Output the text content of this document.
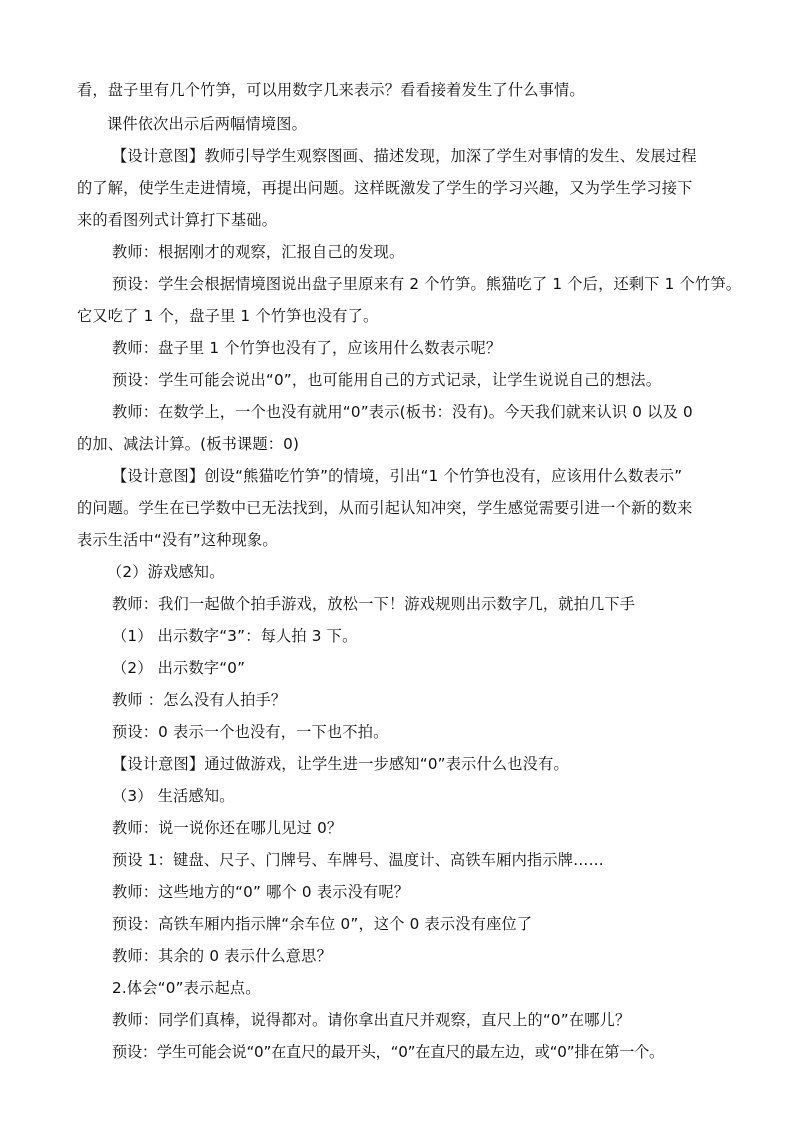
看，盘子里有几个竹笋，可以用数字几来表示？看看接着发生了什么事情。
课件依次出示后两幅情境图。
【设计意图】教师引导学生观察图画、描述发现，加深了学生对事情的发生、发展过程
的了解，使学生走进情境，再提出问题。这样既激发了学生的学习兴趣，又为学生学习接下
来的看图列式计算打下基础。
教师：根据刚才的观察，汇报自己的发现。
预设：学生会根据情境图说出盘子里原来有 2 个竹笋。熊猫吃了 1 个后，还剩下 1 个竹笋。
它又吃了 1 个，盘子里 1 个竹笋也没有了。
教师：盘子里 1 个竹笋也没有了，应该用什么数表示呢？
预设：学生可能会说出“0”，也可能用自己的方式记录，让学生说说自己的想法。
教师：在数学上，一个也没有就用“0”表示(板书：没有)。今天我们就来认识 0 以及 0
的加、减法计算。(板书课题：0)
【设计意图】创设“熊猫吃竹笋”的情境，引出“1 个竹笋也没有，应该用什么数表示”
的问题。学生在已学数中已无法找到，从而引起认知冲突，学生感觉需要引进一个新的数来
表示生活中“没有”这种现象。
（2）游戏感知。
教师：我们一起做个拍手游戏，放松一下！游戏规则出示数字几，就拍几下手
（1） 出示数字“3”：每人拍 3 下。
（2） 出示数字“0”
教师 ：怎么没有人拍手？
预设：0 表示一个也没有，一下也不拍。
【设计意图】通过做游戏，让学生进一步感知“0”表示什么也没有。
（3） 生活感知。
教师：说一说你还在哪儿见过 0？
预设 1：键盘、尺子、门牌号、车牌号、温度计、高铁车厢内指示牌……
教师：这些地方的“0” 哪个 0 表示没有呢？
预设：高铁车厢内指示牌“余车位 0”，这个 0 表示没有座位了
教师：其余的 0 表示什么意思？
2.体会“0”表示起点。
教师：同学们真棒，说得都对。请你拿出直尺并观察，直尺上的“0”在哪儿？
预设：学生可能会说“0”在直尺的最开头，“0”在直尺的最左边，或“0”排在第一个。
